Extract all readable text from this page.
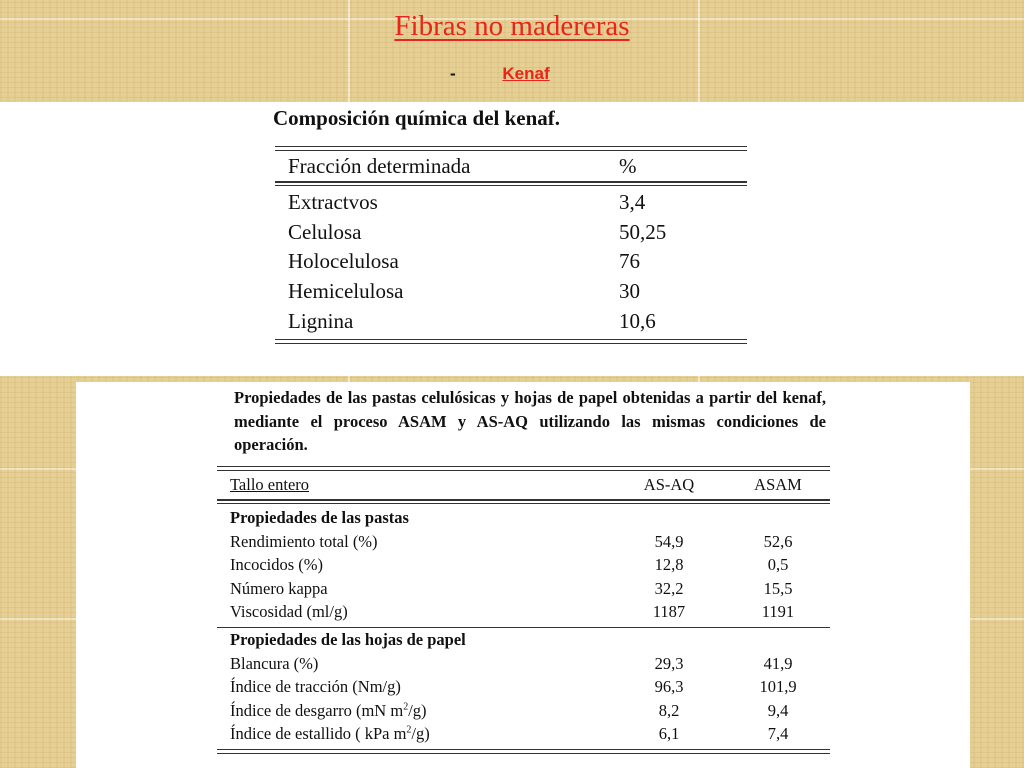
Fibras no madereras
-	Kenaf
Composición química del kenaf.
Fracción determinada	%
Extractvos	3,4
Celulosa	50,25
Holocelulosa	76
Hemicelulosa	30
Lignina	10,6
Propiedades de las pastas celulósicas y hojas de papel obtenidas a partir del kenaf, mediante el proceso ASAM y AS-AQ utilizando las mismas condiciones de operación.
Tallo entero	AS-AQ	ASAM
Propiedades de las pastas
Rendimiento total (%)	54,9	52,6
Incocidos (%)	12,8	0,5
Número kappa	32,2	15,5
Viscosidad (ml/g)	1187	1191
Propiedades de las hojas de papel
Blancura (%)	29,3	41,9
Índice de tracción (Nm/g)	96,3	101,9
Índice de desgarro (mN $m^2/g$)	8,2	9,4
Índice de estallido ( kPa $m^2/g$)	6,1	7,4
